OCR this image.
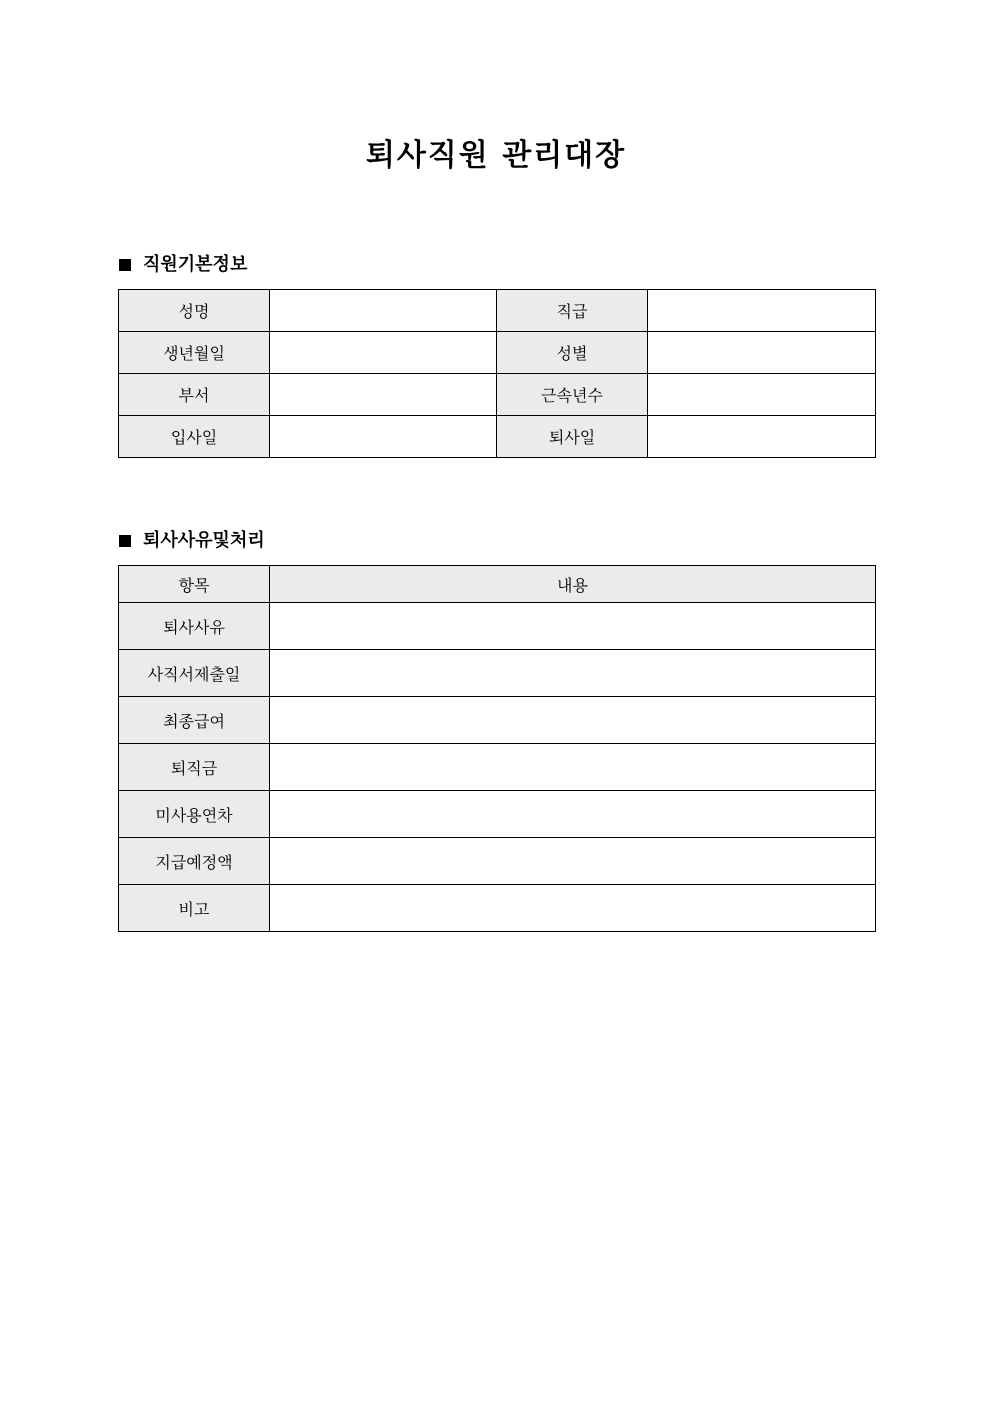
퇴사직원 관리대장
직원기본정보
성명		직급	
생년월일		성별	
부서		근속년수	
입사일		퇴사일	
퇴사사유및처리
항목	내용
퇴사사유	
사직서제출일	
최종급여	
퇴직금	
미사용연차	
지급예정액	
비고	
